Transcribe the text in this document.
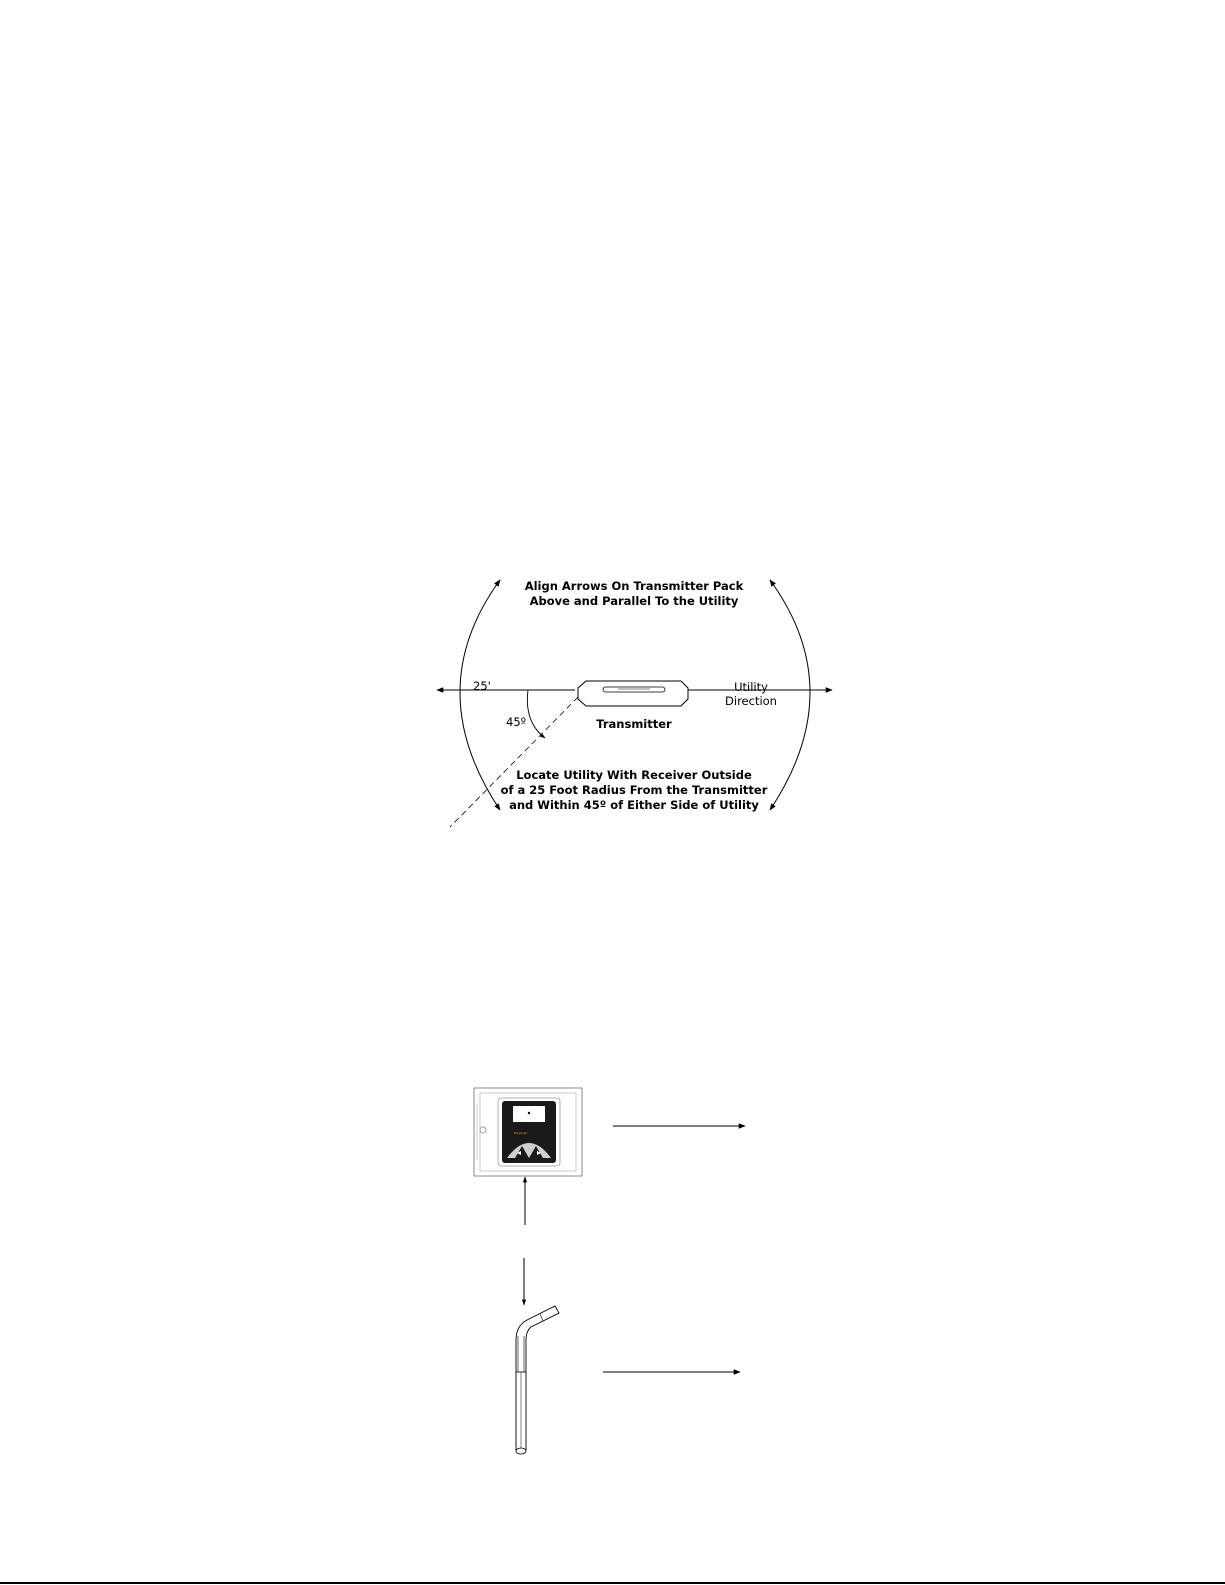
Align Arrows On Transmitter Pack
Above and Parallel To the Utility
25'
45º	Transmitter
Utility
Direction
Locate Utility With Receiver Outside
of a 25 Foot Radius From the Transmitter
and Within 45º of Either Side of Utility
PolyScan
